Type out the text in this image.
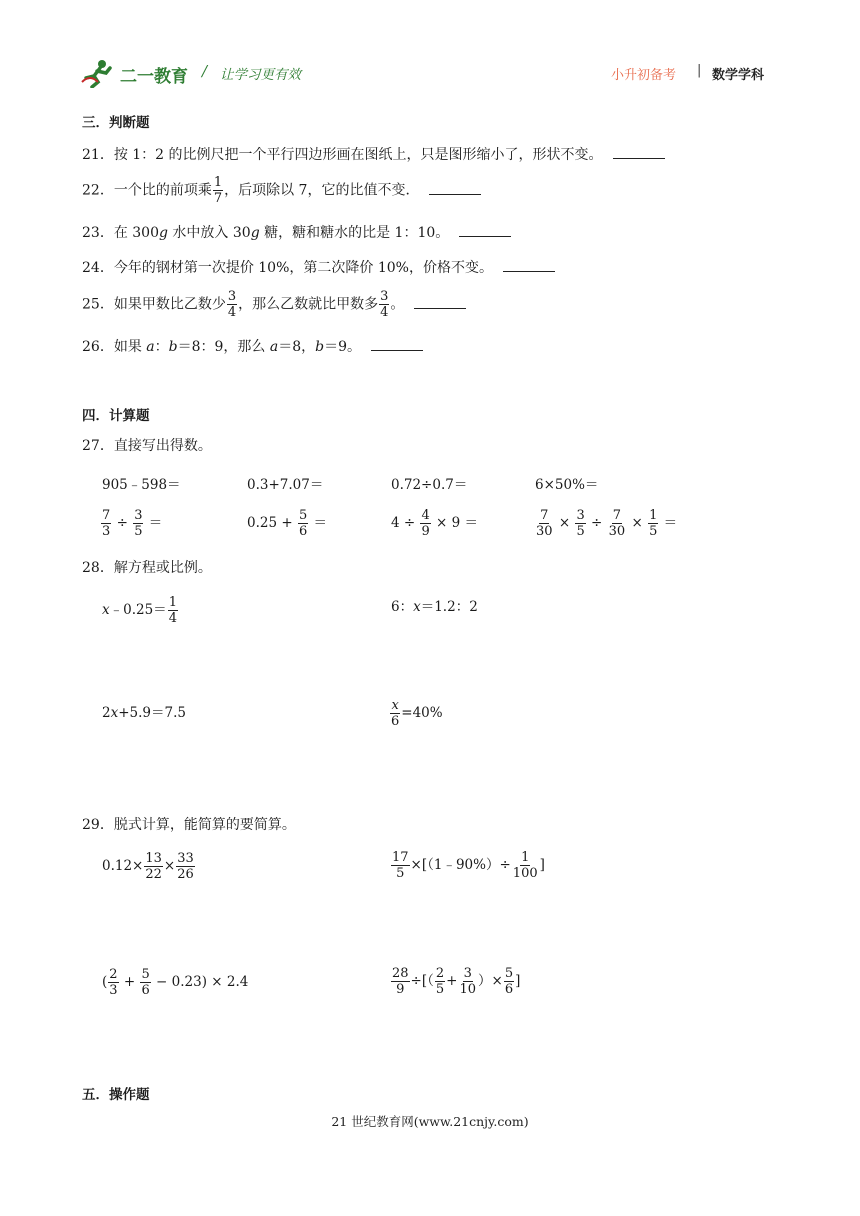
二一教育 / 让学习更有效	小升初备考 | 数学学科
三．判断题
21．按 1：2 的比例尺把一个平行四边形画在图纸上，只是图形缩小了，形状不变。
22．一个比的前项乘 $\frac{1}{7}$ ，后项除以 7，它的比值不变．
23．在 300g 水中放入 30g 糖，糖和糖水的比是 1：10。
24．今年的钢材第一次提价 10%，第二次降价 10%，价格不变。
25．如果甲数比乙数少 $\frac{3}{4}$ ，那么乙数就比甲数多 $\frac{3}{4}$ 。
26．如果 a：b＝8：9，那么 a＝8，b＝9。
四．计算题
27．直接写出得数。
905﹣598＝	0.3+7.07＝	0.72÷0.7＝	6×50%＝
$\frac{7}{3} \div \frac{3}{5}$ ＝	$0.25 + \frac{5}{6}$ ＝	$4 \div \frac{4}{9} \times 9$ ＝	$\frac{7}{30} \times \frac{3}{5} \div \frac{7}{30} \times \frac{1}{5}$ ＝
28．解方程或比例。
x﹣0.25＝ $\frac{1}{4}$	6：x＝1.2：2
2x+5.9＝7.5	$\frac{x}{6} =40\%$
29．脱式计算，能简算的要简算。
$0.12\times \frac{13}{22} \times \frac{33}{26}$	$\frac{17}{5}$ ×[（1﹣90%）÷ $\frac{1}{100}$ ]
( $\frac{2}{3} + \frac{5}{6} - 0.23) \times 2.4$	$\frac{28}{9}$ ÷[（ $\frac{2}{5} + \frac{3}{10}$ ）× $\frac{5}{6}$ ]
五．操作题
21 世纪教育网(www.21cnjy.com)
